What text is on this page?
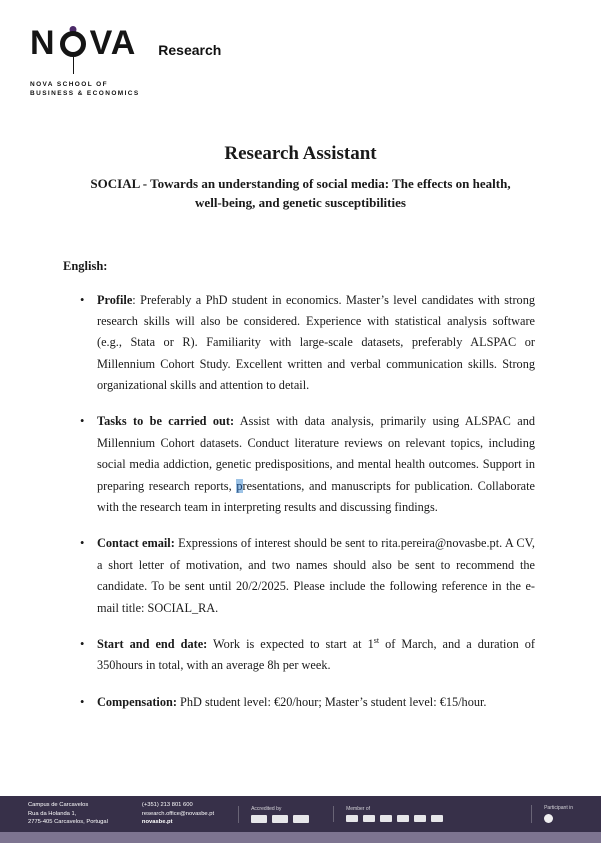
N VA Research
NOVA SCHOOL OF
BUSINESS & ECONOMICS
Research Assistant
SOCIAL - Towards an understanding of social media: The effects on health, well-being, and genetic susceptibilities
English:
• Profile: Preferably a PhD student in economics. Master’s level candidates with strong research skills will also be considered. Experience with statistical analysis software (e.g., Stata or R). Familiarity with large-scale datasets, preferably ALSPAC or Millennium Cohort Study. Excellent written and verbal communication skills. Strong organizational skills and attention to detail.
• Tasks to be carried out: Assist with data analysis, primarily using ALSPAC and Millennium Cohort datasets. Conduct literature reviews on relevant topics, including social media addiction, genetic predispositions, and mental health outcomes. Support in preparing research reports, presentations, and manuscripts for publication. Collaborate with the research team in interpreting results and discussing findings.
• Contact email: Expressions of interest should be sent to rita.pereira@novasbe.pt. A CV, a short letter of motivation, and two names should also be sent to recommend the candidate. To be sent until 20/2/2025. Please include the following reference in the e-mail title: SOCIAL_RA.
• Start and end date: Work is expected to start at 1st of March, and a duration of 350hours in total, with an average 8h per week.
• Compensation: PhD student level: €20/hour; Master’s student level: €15/hour.
Campus de Carcavelos
Rua da Holanda 1,
2775-405 Carcavelos, Portugal
(+351) 213 801 600
research.office@novasbe.pt
novasbe.pt
Accredited by	Member of	Participant in
